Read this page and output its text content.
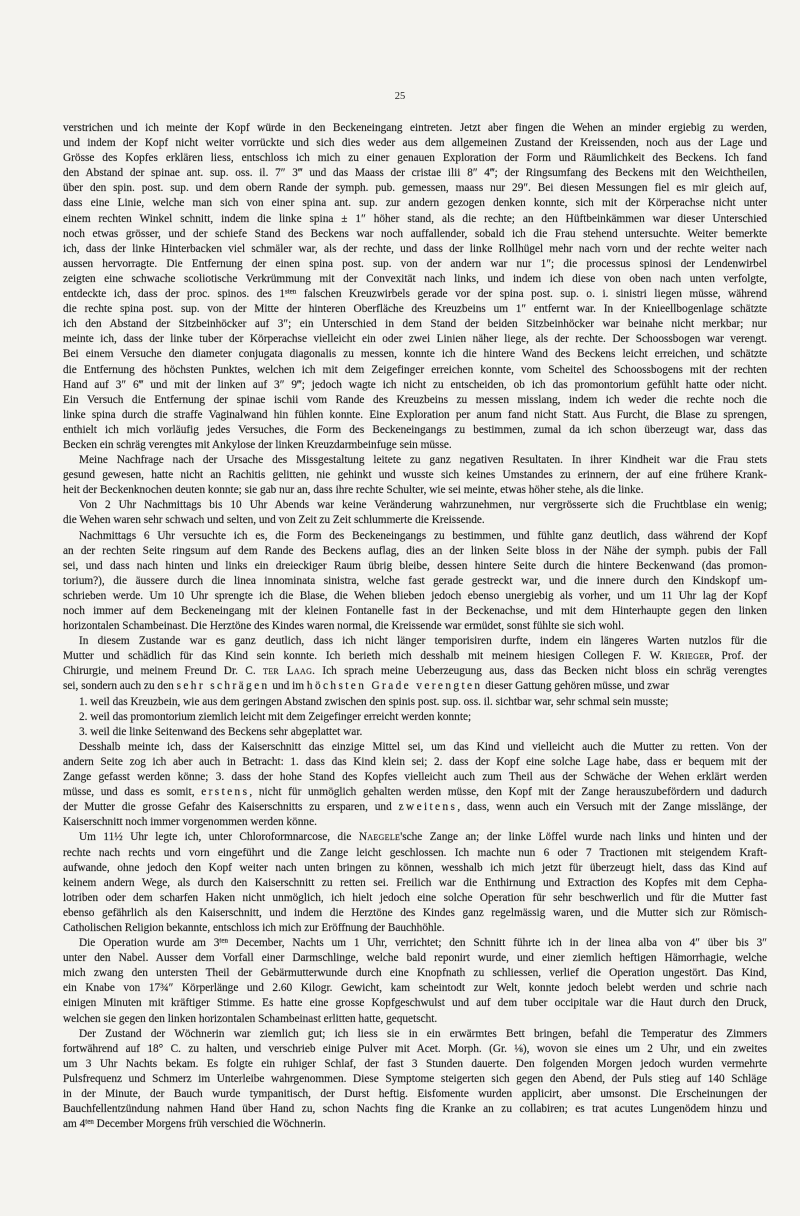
25
verstrichen und ich meinte der Kopf würde in den Beckeneingang eintreten. Jetzt aber fingen die Wehen an minder ergiebig zu werden,
und indem der Kopf nicht weiter vorrückte und sich dies weder aus dem allgemeinen Zustand der Kreissenden, noch aus der Lage und
Grösse des Kopfes erklären liess, entschloss ich mich zu einer genauen Exploration der Form und Räumlichkeit des Beckens. Ich fand
den Abstand der spinae ant. sup. oss. il. 7″ 3‴ und das Maass der cristae ilii 8″ 4‴; der Ringsumfang des Beckens mit den Weichtheilen,
über den spin. post. sup. und dem obern Rande der symph. pub. gemessen, maass nur 29″. Bei diesen Messungen fiel es mir gleich auf,
dass eine Linie, welche man sich von einer spina ant. sup. zur andern gezogen denken konnte, sich mit der Körperachse nicht unter
einem rechten Winkel schnitt, indem die linke spina ± 1″ höher stand, als die rechte; an den Hüftbeinkämmen war dieser Unterschied
noch etwas grösser, und der schiefe Stand des Beckens war noch auffallender, sobald ich die Frau stehend untersuchte. Weiter bemerkte
ich, dass der linke Hinterbacken viel schmäler war, als der rechte, und dass der linke Rollhügel mehr nach vorn und der rechte weiter nach
aussen hervorragte. Die Entfernung der einen spina post. sup. von der andern war nur 1″; die processus spinosi der Lendenwirbel
zeigten eine schwache scoliotische Verkrümmung mit der Convexität nach links, und indem ich diese von oben nach unten verfolgte,
entdeckte ich, dass der proc. spinos. des $1^{sten}$ falschen Kreuzwirbels gerade vor der spina post. sup. o. i. sinistri liegen müsse, während
die rechte spina post. sup. von der Mitte der hinteren Oberfläche des Kreuzbeins um 1″ entfernt war. In der Knieellbogenlage schätzte
ich den Abstand der Sitzbeinhöcker auf 3″; ein Unterschied in dem Stand der beiden Sitzbeinhöcker war beinahe nicht merkbar; nur
meinte ich, dass der linke tuber der Körperachse vielleicht ein oder zwei Linien näher liege, als der rechte. Der Schoossbogen war verengt.
Bei einem Versuche den diameter conjugata diagonalis zu messen, konnte ich die hintere Wand des Beckens leicht erreichen, und schätzte
die Entfernung des höchsten Punktes, welchen ich mit dem Zeigefinger erreichen konnte, vom Scheitel des Schoossbogens mit der rechten
Hand auf 3″ 6‴ und mit der linken auf 3″ 9‴; jedoch wagte ich nicht zu entscheiden, ob ich das promontorium gefühlt hatte oder nicht.
Ein Versuch die Entfernung der spinae ischii vom Rande des Kreuzbeins zu messen misslang, indem ich weder die rechte noch die
linke spina durch die straffe Vaginalwand hin fühlen konnte. Eine Exploration per anum fand nicht Statt. Aus Furcht, die Blase zu sprengen,
enthielt ich mich vorläufig jedes Versuches, die Form des Beckeneingangs zu bestimmen, zumal da ich schon überzeugt war, dass das
Becken ein schräg verengtes mit Ankylose der linken Kreuzdarmbeinfuge sein müsse.
Meine Nachfrage nach der Ursache des Missgestaltung leitete zu ganz negativen Resultaten. In ihrer Kindheit war die Frau stets
gesund gewesen, hatte nicht an Rachitis gelitten, nie gehinkt und wusste sich keines Umstandes zu erinnern, der auf eine frühere Krank-
heit der Beckenknochen deuten konnte; sie gab nur an, dass ihre rechte Schulter, wie sei meinte, etwas höher stehe, als die linke.
Von 2 Uhr Nachmittags bis 10 Uhr Abends war keine Veränderung wahrzunehmen, nur vergrösserte sich die Fruchtblase ein wenig;
die Wehen waren sehr schwach und selten, und von Zeit zu Zeit schlummerte die Kreissende.
Nachmittags 6 Uhr versuchte ich es, die Form des Beckeneingangs zu bestimmen, und fühlte ganz deutlich, dass während der Kopf
an der rechten Seite ringsum auf dem Rande des Beckens auflag, dies an der linken Seite bloss in der Nähe der symph. pubis der Fall
sei, und dass nach hinten und links ein dreieckiger Raum übrig bleibe, dessen hintere Seite durch die hintere Beckenwand (das promon-
torium?), die äussere durch die linea innominata sinistra, welche fast gerade gestreckt war, und die innere durch den Kindskopf um-
schrieben werde. Um 10 Uhr sprengte ich die Blase, die Wehen blieben jedoch ebenso unergiebig als vorher, und um 11 Uhr lag der Kopf
noch immer auf dem Beckeneingang mit der kleinen Fontanelle fast in der Beckenachse, und mit dem Hinterhaupte gegen den linken
horizontalen Schambeinast. Die Herztöne des Kindes waren normal, die Kreissende war ermüdet, sonst fühlte sie sich wohl.
In diesem Zustande war es ganz deutlich, dass ich nicht länger temporisiren durfte, indem ein längeres Warten nutzlos für die
Mutter und schädlich für das Kind sein konnte. Ich berieth mich desshalb mit meinem hiesigen Collegen F. W. Krieger, Prof. der
Chirurgie, und meinem Freund Dr. C. ter Laag. Ich sprach meine Ueberzeugung aus, dass das Becken nicht bloss ein schräg verengtes
sei, sondern auch zu den sehr schrägen und im höchsten Grade verengten dieser Gattung gehören müsse, und zwar
1. weil das Kreuzbein, wie aus dem geringen Abstand zwischen den spinis post. sup. oss. il. sichtbar war, sehr schmal sein musste;
2. weil das promontorium ziemlich leicht mit dem Zeigefinger erreicht werden konnte;
3. weil die linke Seitenwand des Beckens sehr abgeplattet war.
Desshalb meinte ich, dass der Kaiserschnitt das einzige Mittel sei, um das Kind und vielleicht auch die Mutter zu retten. Von der
andern Seite zog ich aber auch in Betracht: 1. dass das Kind klein sei; 2. dass der Kopf eine solche Lage habe, dass er bequem mit der
Zange gefasst werden könne; 3. dass der hohe Stand des Kopfes vielleicht auch zum Theil aus der Schwäche der Wehen erklärt werden
müsse, und dass es somit, erstens, nicht für unmöglich gehalten werden müsse, den Kopf mit der Zange herauszubefördern und dadurch
der Mutter die grosse Gefahr des Kaiserschnitts zu ersparen, und zweitens, dass, wenn auch ein Versuch mit der Zange misslänge, der
Kaiserschnitt noch immer vorgenommen werden könne.
Um 11½ Uhr legte ich, unter Chloroformnarcose, die Naegele'sche Zange an; der linke Löffel wurde nach links und hinten und der
rechte nach rechts und vorn eingeführt und die Zange leicht geschlossen. Ich machte nun 6 oder 7 Tractionen mit steigendem Kraft-
aufwande, ohne jedoch den Kopf weiter nach unten bringen zu können, wesshalb ich mich jetzt für überzeugt hielt, dass das Kind auf
keinem andern Wege, als durch den Kaiserschnitt zu retten sei. Freilich war die Enthirnung und Extraction des Kopfes mit dem Cepha-
lotriben oder dem scharfen Haken nicht unmöglich, ich hielt jedoch eine solche Operation für sehr beschwerlich und für die Mutter fast
ebenso gefährlich als den Kaiserschnitt, und indem die Herztöne des Kindes ganz regelmässig waren, und die Mutter sich zur Römisch-
Catholischen Religion bekannte, entschloss ich mich zur Eröffnung der Bauchhöhle.
Die Operation wurde am $3^{ten}$ December, Nachts um 1 Uhr, verrichtet; den Schnitt führte ich in der linea alba von 4″ über bis 3″
unter den Nabel. Ausser dem Vorfall einer Darmschlinge, welche bald reponirt wurde, und einer ziemlich heftigen Hämorrhagie, welche
mich zwang den untersten Theil der Gebärmutterwunde durch eine Knopfnath zu schliessen, verlief die Operation ungestört. Das Kind,
ein Knabe von 17¾″ Körperlänge und 2.60 Kilogr. Gewicht, kam scheintodt zur Welt, konnte jedoch belebt werden und schrie nach
einigen Minuten mit kräftiger Stimme. Es hatte eine grosse Kopfgeschwulst und auf dem tuber occipitale war die Haut durch den Druck,
welchen sie gegen den linken horizontalen Schambeinast erlitten hatte, gequetscht.
Der Zustand der Wöchnerin war ziemlich gut; ich liess sie in ein erwärmtes Bett bringen, befahl die Temperatur des Zimmers
fortwährend auf 18° C. zu halten, und verschrieb einige Pulver mit Acet. Morph. (Gr. ⅛), wovon sie eines um 2 Uhr, und ein zweites
um 3 Uhr Nachts bekam. Es folgte ein ruhiger Schlaf, der fast 3 Stunden dauerte. Den folgenden Morgen jedoch wurden vermehrte
Pulsfrequenz und Schmerz im Unterleibe wahrgenommen. Diese Symptome steigerten sich gegen den Abend, der Puls stieg auf 140 Schläge
in der Minute, der Bauch wurde tympanitisch, der Durst heftig. Eisfomente wurden applicirt, aber umsonst. Die Erscheinungen der
Bauchfellentzündung nahmen Hand über Hand zu, schon Nachts fing die Kranke an zu collabiren; es trat acutes Lungenödem hinzu und
am $4^{ten}$ December Morgens früh verschied die Wöchnerin.
